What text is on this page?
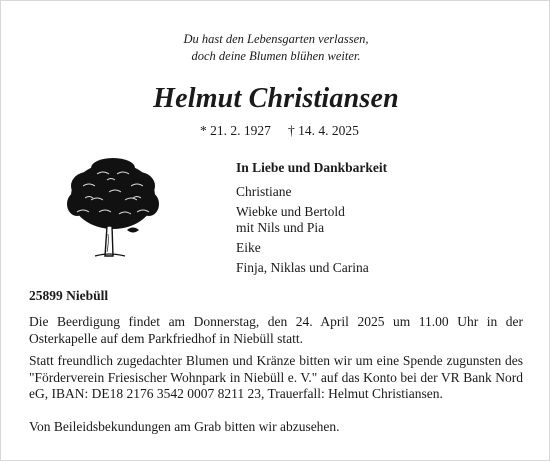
Du hast den Lebensgarten verlassen,
doch deine Blumen blühen weiter.
Helmut Christiansen
* 21. 2. 1927 † 14. 4. 2025
In Liebe und Dankbarkeit
Christiane
Wiebke und Bertold
mit Nils und Pia
Eike
Finja, Niklas und Carina
25899 Niebüll
Die Beerdigung findet am Donnerstag, den 24. April 2025 um 11.00 Uhr in der Osterkapelle auf dem Parkfriedhof in Niebüll statt.
Statt freundlich zugedachter Blumen und Kränze bitten wir um eine Spende zugunsten des "Förderverein Friesischer Wohnpark in Niebüll e. V." auf das Konto bei der VR Bank Nord eG, IBAN: DE18 2176 3542 0007 8211 23, Trauerfall: Helmut Christiansen.
Von Beileidsbekundungen am Grab bitten wir abzusehen.
